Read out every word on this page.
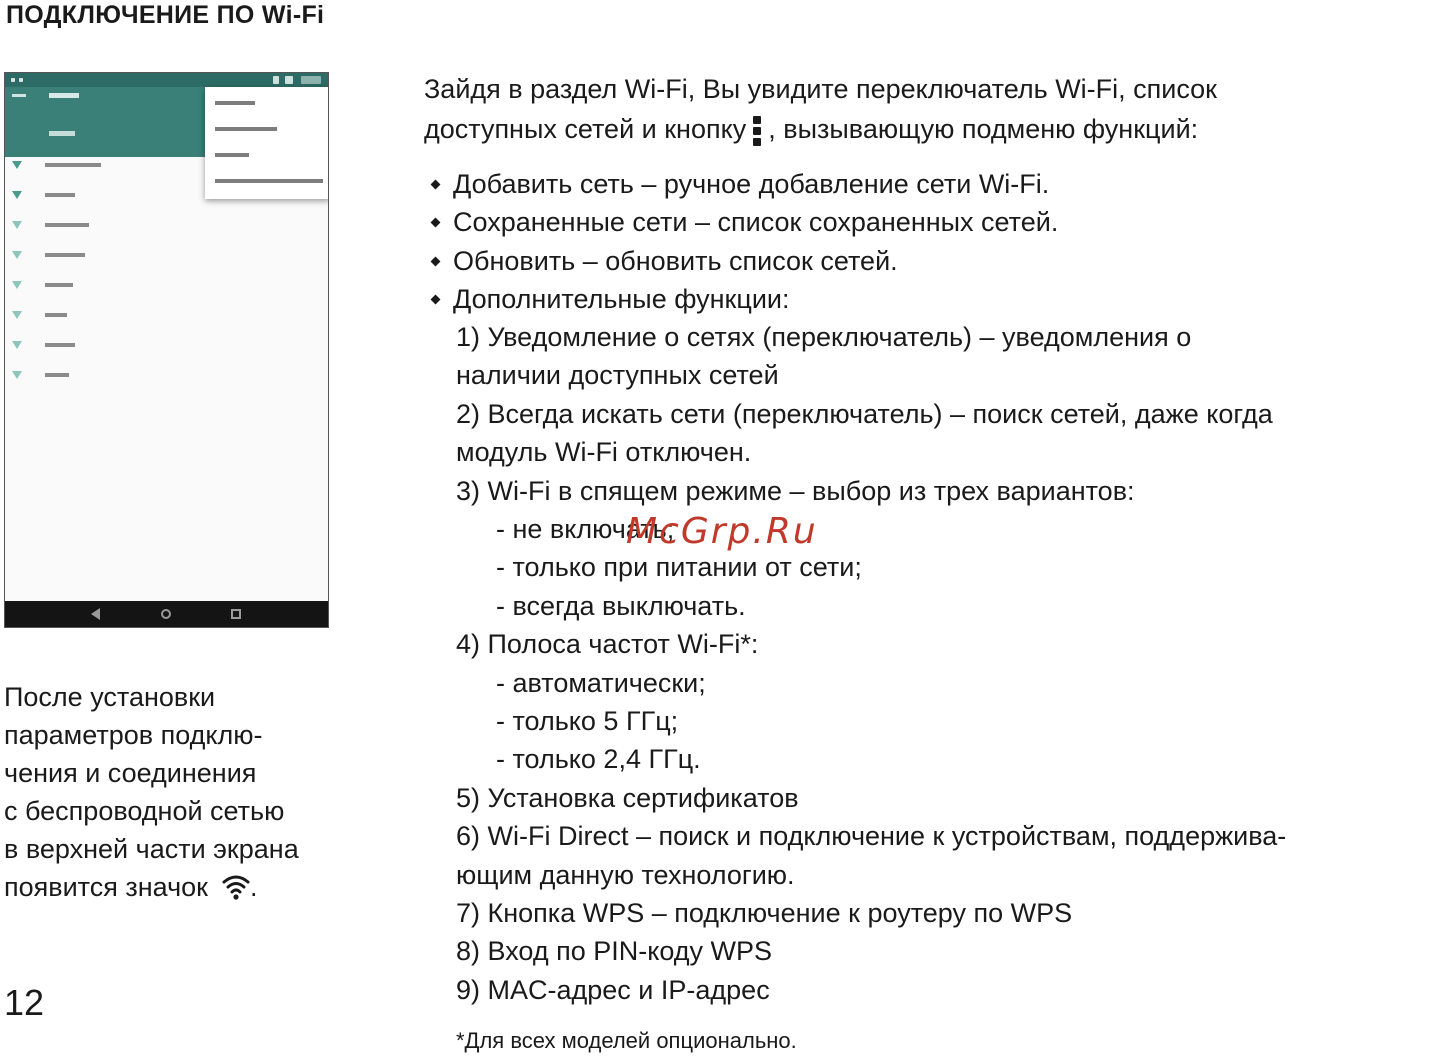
ПОДКЛЮЧЕНИЕ ПО Wi-Fi
Зайдя в раздел Wi-Fi, Вы увидите переключатель Wi-Fi, список
доступных сетей и кнопку , вызывающую подменю функций:
Добавить сеть – ручное добавление сети Wi-Fi.
Сохраненные сети – список сохраненных сетей.
Обновить – обновить список сетей.
Дополнительные функции:
1) Уведомление о сетях (переключатель) – уведомления о
наличии доступных сетей
2) Всегда искать сети (переключатель) – поиск сетей, даже когда
модуль Wi-Fi отключен.
3) Wi-Fi в спящем режиме – выбор из трех вариантов:
- не включать;
- только при питании от сети;
- всегда выключать.
4) Полоса частот Wi-Fi*:
- автоматически;
- только 5 ГГц;
- только 2,4 ГГц.
5) Установка сертификатов
6) Wi-Fi Direct – поиск и подключение к устройствам, поддержива-
ющим данную технологию.
7) Кнопка WPS – подключение к роутеру по WPS
8) Вход по PIN-коду WPS
9) MAC-адрес и IP-адрес
McGrp.Ru
После установки
параметров подклю-
чения и соединения
с беспроводной сетью
в верхней части экрана
появится значок .
12
*Для всех моделей опционально.
